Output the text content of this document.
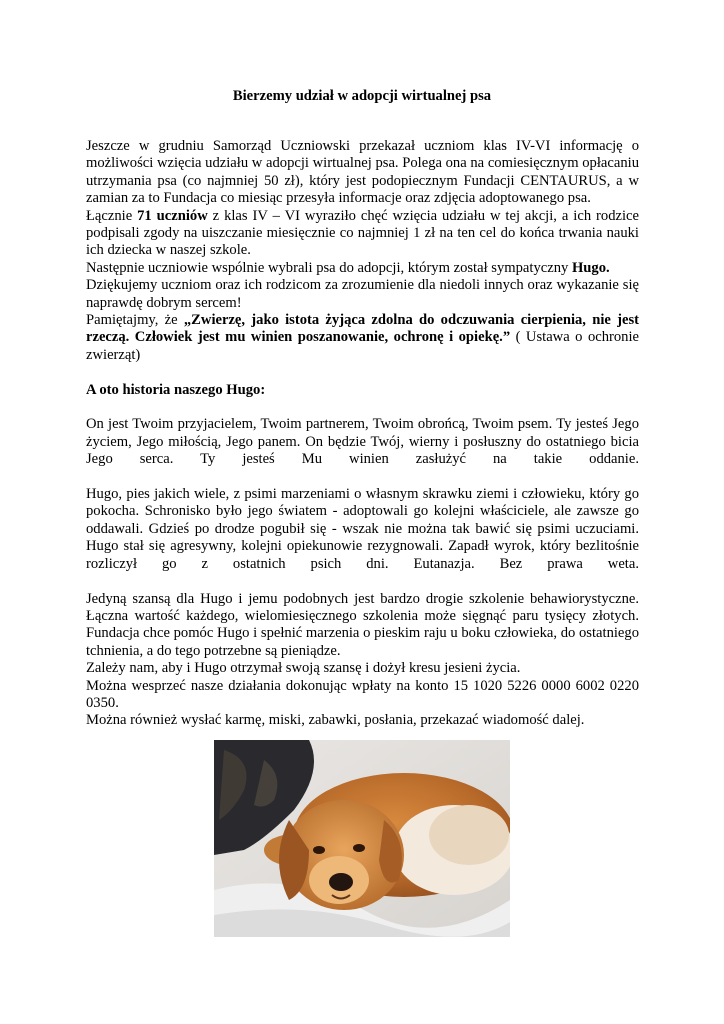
Bierzemy udział w adopcji wirtualnej psa

Jeszcze w grudniu Samorząd Uczniowski przekazał uczniom klas IV-VI informację o możliwości wzięcia udziału w adopcji wirtualnej psa. Polega ona na comiesięcznym opłacaniu utrzymania psa (co najmniej 50 zł), który jest podopiecznym Fundacji CENTAURUS, a w zamian za to Fundacja co miesiąc przesyła informacje oraz zdjęcia adoptowanego psa.

Łącznie 71 uczniów z klas IV – VI wyraziło chęć wzięcia udziału w tej akcji, a ich rodzice podpisali zgody na uiszczanie miesięcznie co najmniej 1 zł na ten cel do końca trwania nauki ich dziecka w naszej szkole.

Następnie uczniowie wspólnie wybrali psa do adopcji, którym został sympatyczny Hugo.

Dziękujemy uczniom oraz ich rodzicom za zrozumienie dla niedoli innych oraz wykazanie się naprawdę dobrym sercem!

Pamiętajmy, że „Zwierzę, jako istota żyjąca zdolna do odczuwania cierpienia, nie jest rzeczą. Człowiek jest mu winien poszanowanie, ochronę i opiekę.” ( Ustawa o ochronie zwierząt)

A oto historia naszego Hugo:

On jest Twoim przyjacielem, Twoim partnerem, Twoim obrońcą, Twoim psem. Ty jesteś Jego życiem, Jego miłością, Jego panem. On będzie Twój, wierny i posłuszny do ostatniego bicia Jego serca. Ty jesteś Mu winien zasłużyć na takie oddanie.

Hugo, pies jakich wiele, z psimi marzeniami o własnym skrawku ziemi i człowieku, który go pokocha. Schronisko było jego światem - adoptowali go kolejni właściciele, ale zawsze go oddawali. Gdzieś po drodze pogubił się - wszak nie można tak bawić się psimi uczuciami. Hugo stał się agresywny, kolejni opiekunowie rezygnowali. Zapadł wyrok, który bezlitośnie rozliczył go z ostatnich psich dni. Eutanazja. Bez prawa weta.

Jedyną szansą dla Hugo i jemu podobnych jest bardzo drogie szkolenie behawiorystyczne. Łączna wartość każdego, wielomiesięcznego szkolenia może sięgnąć paru tysięcy złotych. Fundacja chce pomóc Hugo i spełnić marzenia o pieskim raju u boku człowieka, do ostatniego tchnienia, a do tego potrzebne są pieniądze.

Zależy nam, aby i Hugo otrzymał swoją szansę i dożył kresu jesieni życia.

Można wesprzeć nasze działania dokonując wpłaty na konto 15 1020 5226 0000 6002 0220 0350.

Można również wysłać karmę, miski, zabawki, posłania, przekazać wiadomość dalej.
